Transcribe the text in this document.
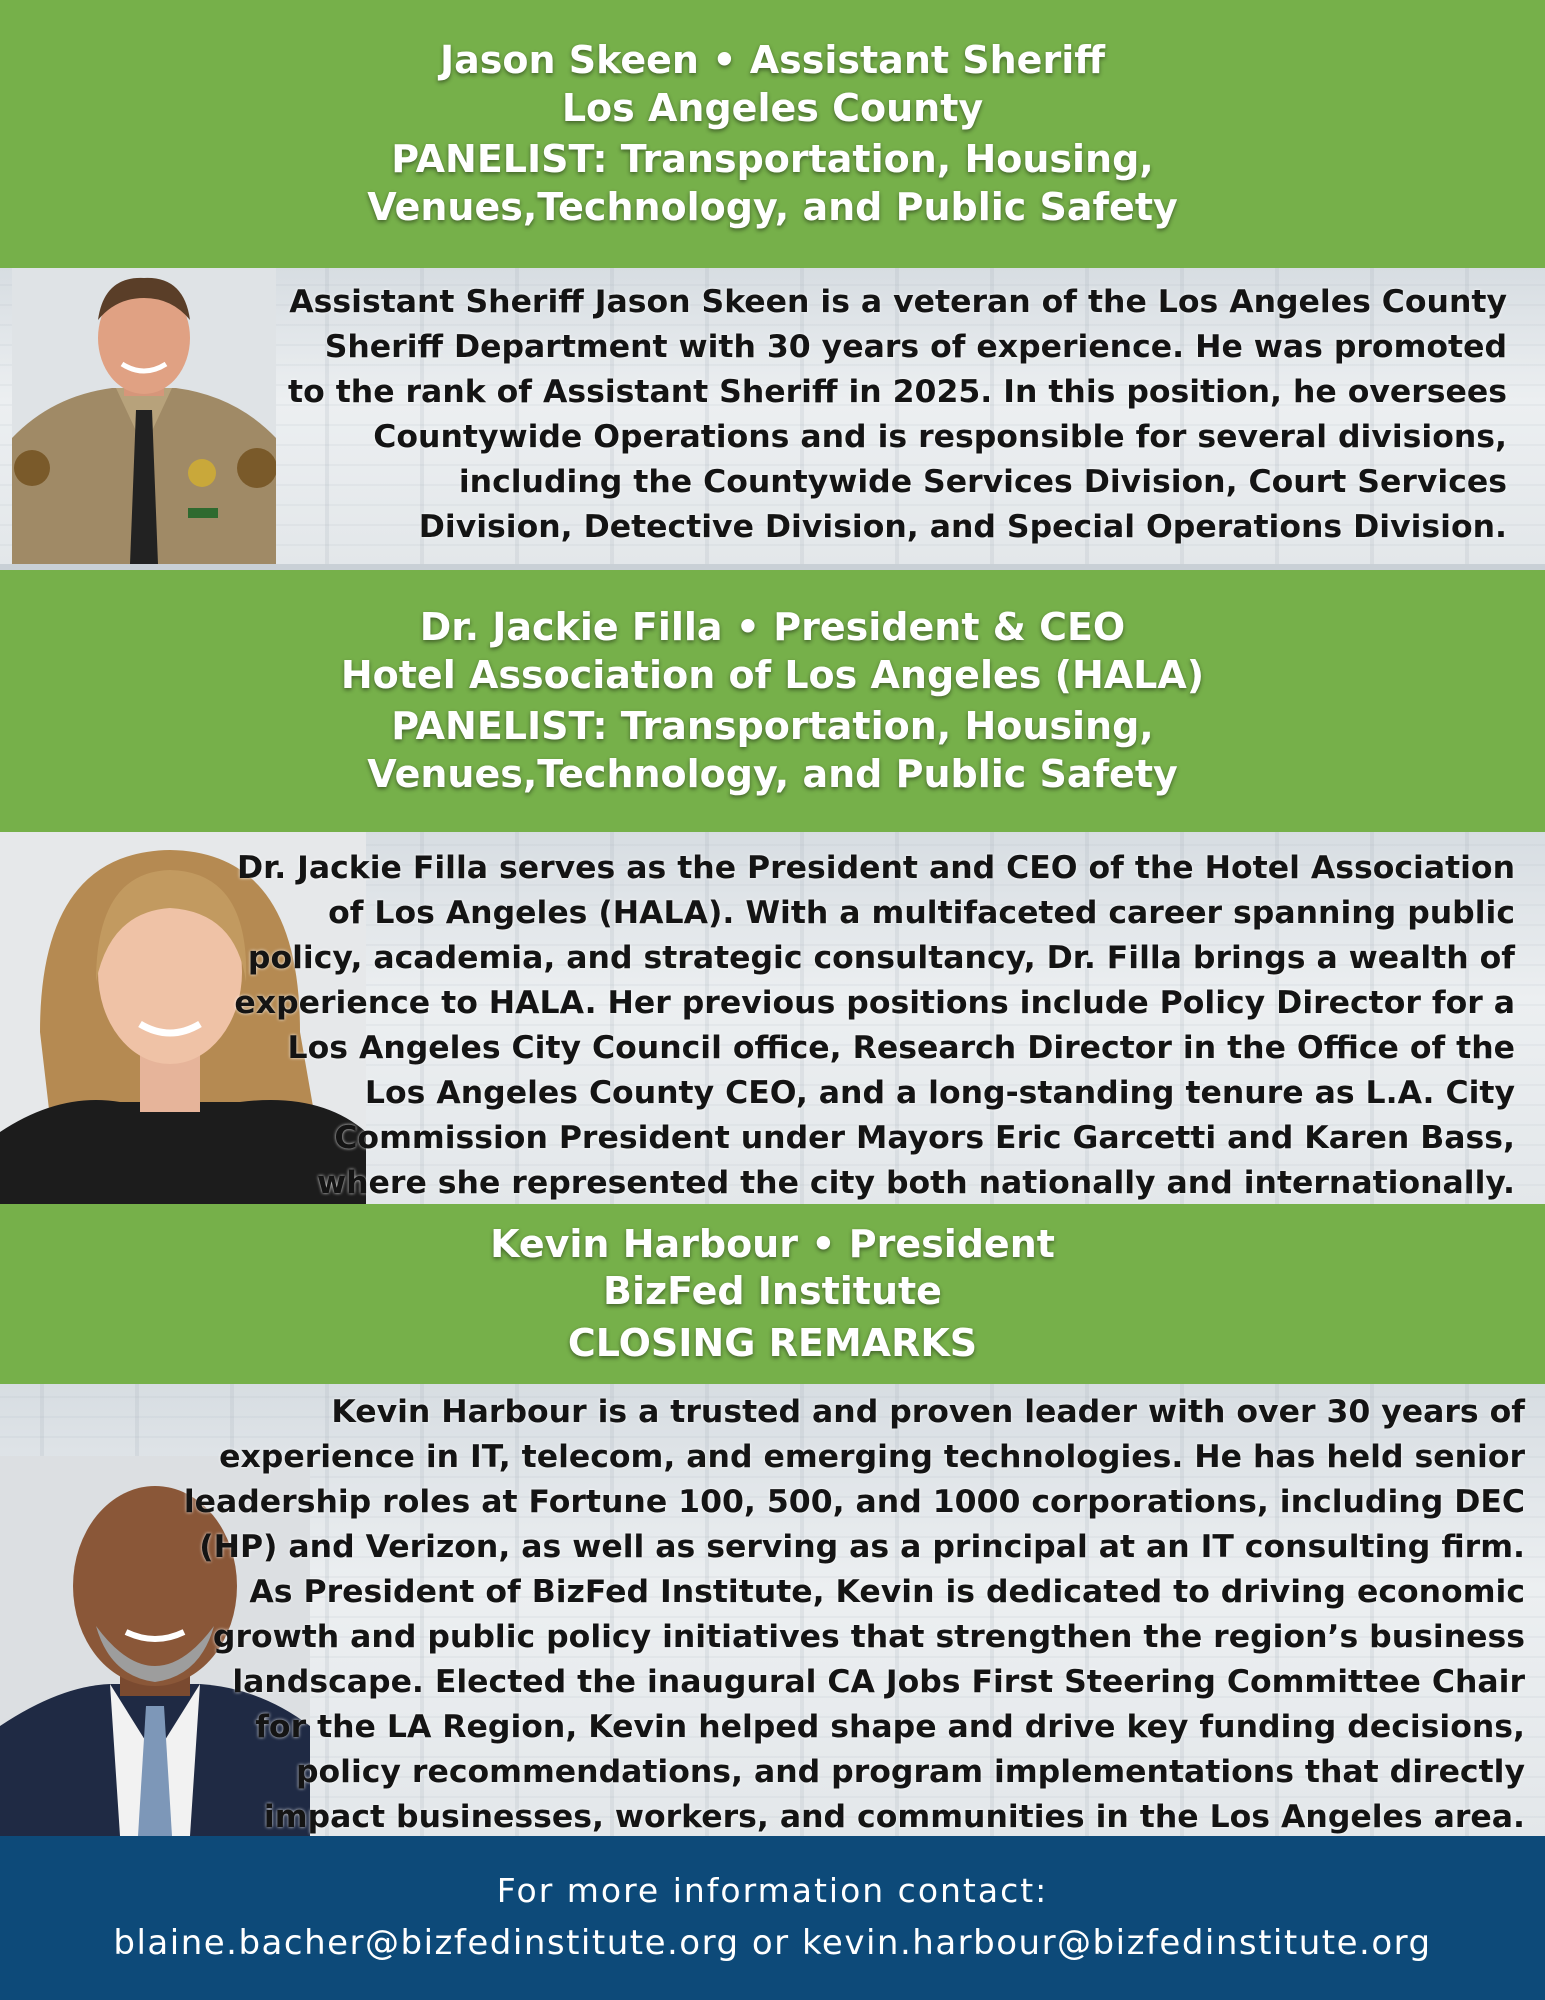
Jason Skeen • Assistant Sheriff
Los Angeles County
PANELIST: Transportation, Housing,
Venues,Technology, and Public Safety
Assistant Sheriff Jason Skeen is a veteran of the Los Angeles County
Sheriff Department with 30 years of experience. He was promoted
to the rank of Assistant Sheriff in 2025. In this position, he oversees
Countywide Operations and is responsible for several divisions,
including the Countywide Services Division, Court Services
Division, Detective Division, and Special Operations Division.
Dr. Jackie Filla • President & CEO
Hotel Association of Los Angeles (HALA)
PANELIST: Transportation, Housing,
Venues,Technology, and Public Safety
Dr. Jackie Filla serves as the President and CEO of the Hotel Association
of Los Angeles (HALA). With a multifaceted career spanning public
policy, academia, and strategic consultancy, Dr. Filla brings a wealth of
experience to HALA. Her previous positions include Policy Director for a
Los Angeles City Council office, Research Director in the Office of the
Los Angeles County CEO, and a long-standing tenure as L.A. City
Commission President under Mayors Eric Garcetti and Karen Bass,
where she represented the city both nationally and internationally.
Kevin Harbour • President
BizFed Institute
CLOSING REMARKS
Kevin Harbour is a trusted and proven leader with over 30 years of
experience in IT, telecom, and emerging technologies. He has held senior
leadership roles at Fortune 100, 500, and 1000 corporations, including DEC
(HP) and Verizon, as well as serving as a principal at an IT consulting firm.
As President of BizFed Institute, Kevin is dedicated to driving economic
growth and public policy initiatives that strengthen the region’s business
landscape. Elected the inaugural CA Jobs First Steering Committee Chair
for the LA Region, Kevin helped shape and drive key funding decisions,
policy recommendations, and program implementations that directly
impact businesses, workers, and communities in the Los Angeles area.
For more information contact:
blaine.bacher@bizfedinstitute.org or kevin.harbour@bizfedinstitute.org
